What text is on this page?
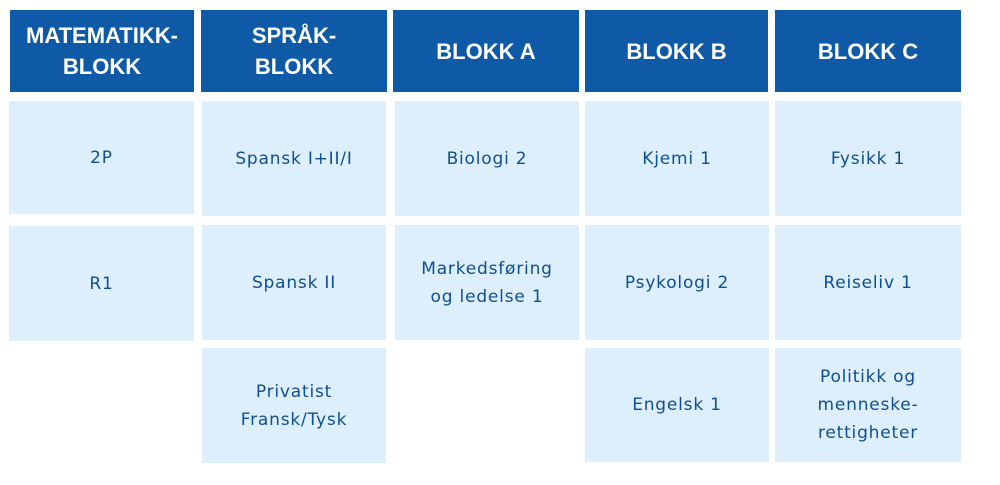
MATEMATIKK-
BLOKK
SPRÅK-
BLOKK
BLOKK A	BLOKK B	BLOKK C
2P
R1
Spansk I+II/I
Spansk II
Privatist
Fransk/Tysk
Biologi 2
Markedsføring
og ledelse 1
Kjemi 1
Psykologi 2
Engelsk 1
Fysikk 1
Reiseliv 1
Politikk og
menneske-
rettigheter
